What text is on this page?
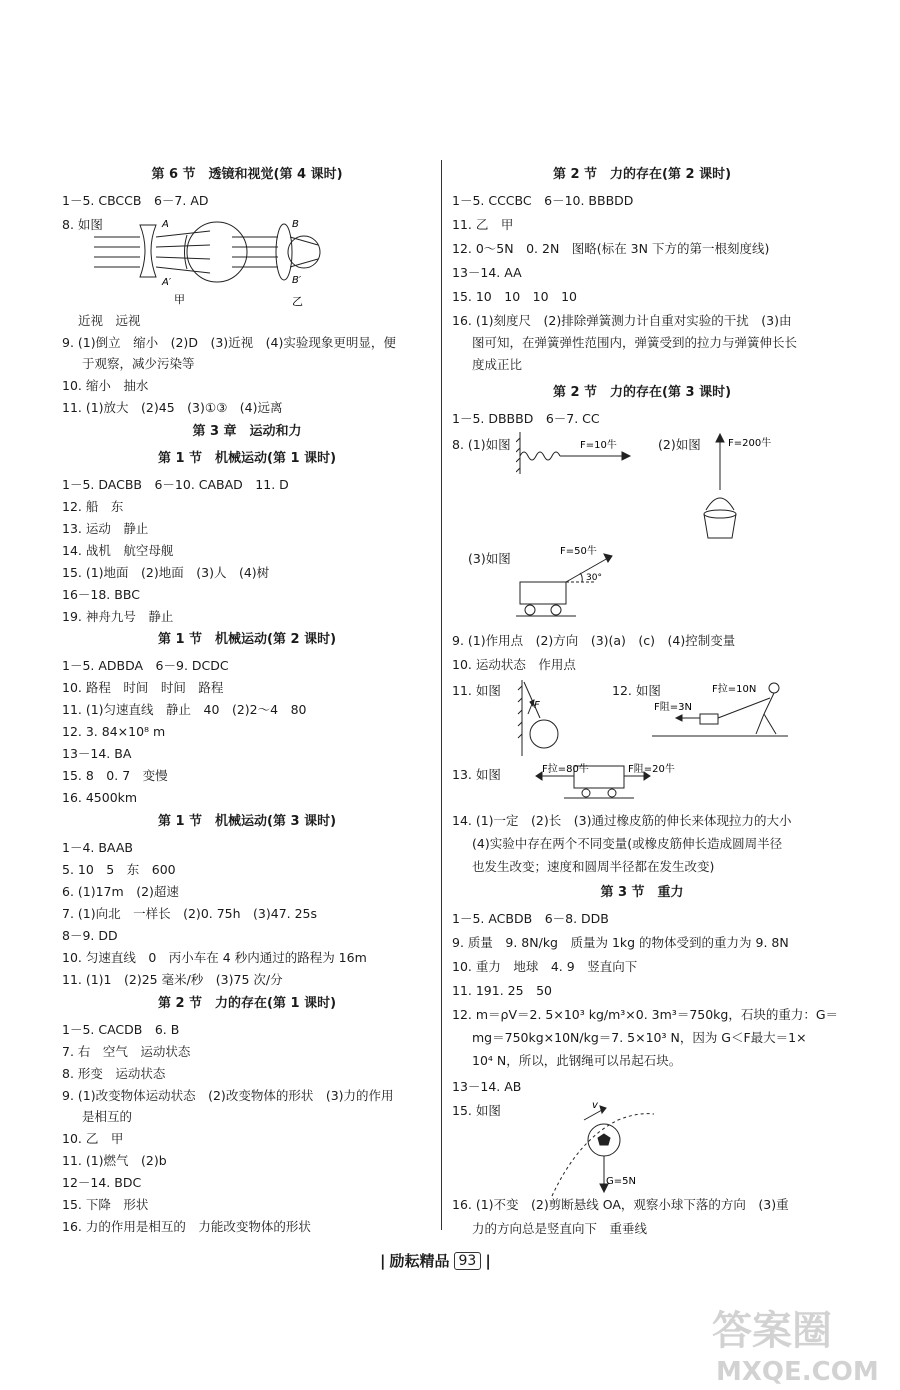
第 6 节　透镜和视觉(第 4 课时)
1－5. CBCCB　6－7. AD
8. 如图	A
A′
B
B′
甲	乙
近视　远视
9. (1)倒立　缩小　(2)D　(3)近视　(4)实验现象更明显，便
于观察，减少污染等
10. 缩小　抽水
11. (1)放大　(2)45　(3)①③　(4)远离
第 3 章　运动和力
第 1 节　机械运动(第 1 课时)
1－5. DACBB　6－10. CABAD　11. D
12. 船　东
13. 运动　静止
14. 战机　航空母舰
15. (1)地面　(2)地面　(3)人　(4)树
16－18. BBC
19. 神舟九号　静止
第 1 节　机械运动(第 2 课时)
1－5. ADBDA　6－9. DCDC
10. 路程　时间　时间　路程
11. (1)匀速直线　静止　40　(2)2～4　80
12. 3. 84×10⁸ m
13－14. BA
15. 8　0. 7　变慢
16. 4500km
第 1 节　机械运动(第 3 课时)
1－4. BAAB
5. 10　5　东　600
6. (1)17m　(2)超速
7. (1)向北　一样长　(2)0. 75h　(3)47. 25s
8－9. DD
10. 匀速直线　0　丙小车在 4 秒内通过的路程为 16m
11. (1)1　(2)25 毫米/秒　(3)75 次/分
第 2 节　力的存在(第 1 课时)
1－5. CACDB　6. B
7. 右　空气　运动状态
8. 形变　运动状态
9. (1)改变物体运动状态　(2)改变物体的形状　(3)力的作用
是相互的
10. 乙　甲
11. (1)燃气　(2)b
12－14. BDC
15. 下降　形状
16. 力的作用是相互的　力能改变物体的形状
第 2 节　力的存在(第 2 课时)
1－5. CCCBC　6－10. BBBDD
11. 乙　甲
12. 0～5N　0. 2N　图略(标在 3N 下方的第一根刻度线)
13－14. AA
15. 10　10　10　10
16. (1)刻度尺　(2)排除弹簧测力计自重对实验的干扰　(3)由
图可知，在弹簧弹性范围内，弹簧受到的拉力与弹簧伸长长
度成正比
第 2 节　力的存在(第 3 课时)
1－5. DBBBD　6－7. CC
8. (1)如图	(2)如图
F=10牛	F=200牛
(3)如图	F=50牛
30°
9. (1)作用点　(2)方向　(3)(a)　(c)　(4)控制变量
10. 运动状态　作用点
11. 如图
F
12. 如图	F拉=10N
F阻=3N
13. 如图	F拉=80牛	F阻=20牛
14. (1)一定　(2)长　(3)通过橡皮筋的伸长来体现拉力的大小
(4)实验中存在两个不同变量(或橡皮筋伸长造成圆周半径
也发生改变；速度和圆周半径都在发生改变)
第 3 节　重力
1－5. ACBDB　6－8. DDB
9. 质量　9. 8N/kg　质量为 1kg 的物体受到的重力为 9. 8N
10. 重力　地球　4. 9　竖直向下
11. 191. 25　50
12. m＝ρV＝2. 5×10³ kg/m³×0. 3m³＝750kg，石块的重力：G＝
mg＝750kg×10N/kg＝7. 5×10³ N，因为 G＜F最大＝1×
10⁴ N，所以，此钢绳可以吊起石块。
13－14. AB
15. 如图	v
G=5N
16. (1)不变　(2)剪断悬线 OA，观察小球下落的方向　(3)重
力的方向总是竖直向下　重垂线
| 励耘精品 93 |
答案圈
MXQE.COM
